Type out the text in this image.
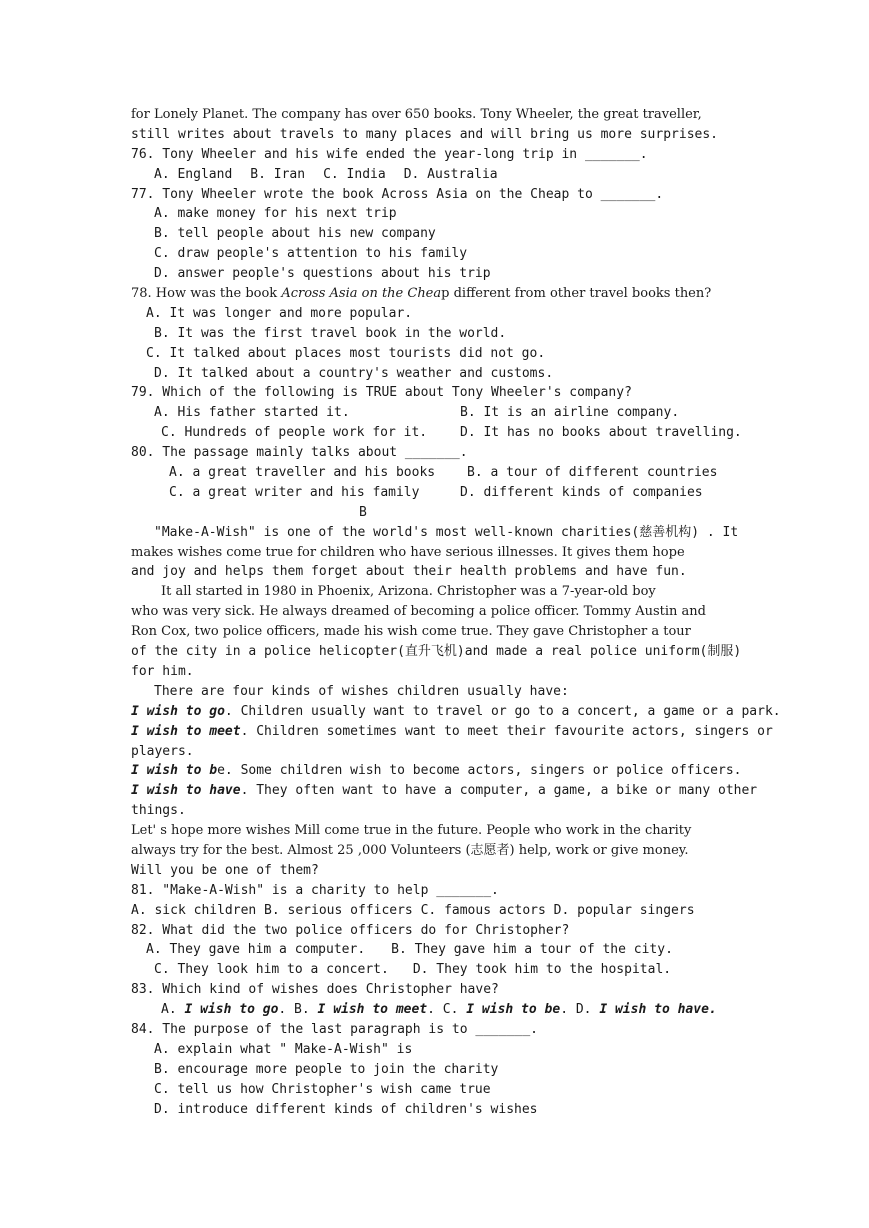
for Lonely Planet. The company has over 650 books. Tony Wheeler, the great traveller,
still writes about travels to many places and will bring us more surprises.
76. Tony Wheeler and his wife ended the year-long trip in _______.
A. England B. Iran C. India D. Australia
77. Tony Wheeler wrote the book Across Asia on the Cheap to _______.
A. make money for his next trip
B. tell people about his new company
C. draw people's attention to his family
D. answer people's questions about his trip
78. How was the book Across Asia on the Cheap different from other travel books then?
A. It was longer and more popular.
B. It was the first travel book in the world.
C. It talked about places most tourists did not go.
D. It talked about a country's weather and customs.
79. Which of the following is TRUE about Tony Wheeler's company?
A. His father started it.	B. It is an airline company.
C. Hundreds of people work for it.	D. It has no books about travelling.
80. The passage mainly talks about _______.
A. a great traveller and his books B. a tour of different countries
C. a great writer and his family	D. different kinds of companies
B
"Make-A-Wish" is one of the world's most well-known charities(慈善机构) . It
makes wishes come true for children who have serious illnesses. It gives them hope
and joy and helps them forget about their health problems and have fun.
It all started in 1980 in Phoenix, Arizona. Christopher was a 7-year-old boy
who was very sick. He always dreamed of becoming a police officer. Tommy Austin and
Ron Cox, two police officers, made his wish come true. They gave Christopher a tour
of the city in a police helicopter(直升飞机)and made a real police uniform(制服)
for him.
There are four kinds of wishes children usually have:
I wish to go. Children usually want to travel or go to a concert, a game or a park.
I wish to meet. Children sometimes want to meet their favourite actors, singers or
players.
I wish to be. Some children wish to become actors, singers or police officers.
I wish to have. They often want to have a computer, a game, a bike or many other
things.
Let' s hope more wishes Mill come true in the future. People who work in the charity
always try for the best. Almost 25 ,000 Volunteers (志愿者) help, work or give money.
Will you be one of them?
81. "Make-A-Wish" is a charity to help _______.
A. sick children B. serious officers C. famous actors D. popular singers
82. What did the two police officers do for Christopher?
A. They gave him a computer. B. They gave him a tour of the city.
C. They look him to a concert. D. They took him to the hospital.
83. Which kind of wishes does Christopher have?
A. I wish to go. B. I wish to meet. C. I wish to be. D. I wish to have.
84. The purpose of the last paragraph is to _______.
A. explain what " Make-A-Wish" is
B. encourage more people to join the charity
C. tell us how Christopher's wish came true
D. introduce different kinds of children's wishes
